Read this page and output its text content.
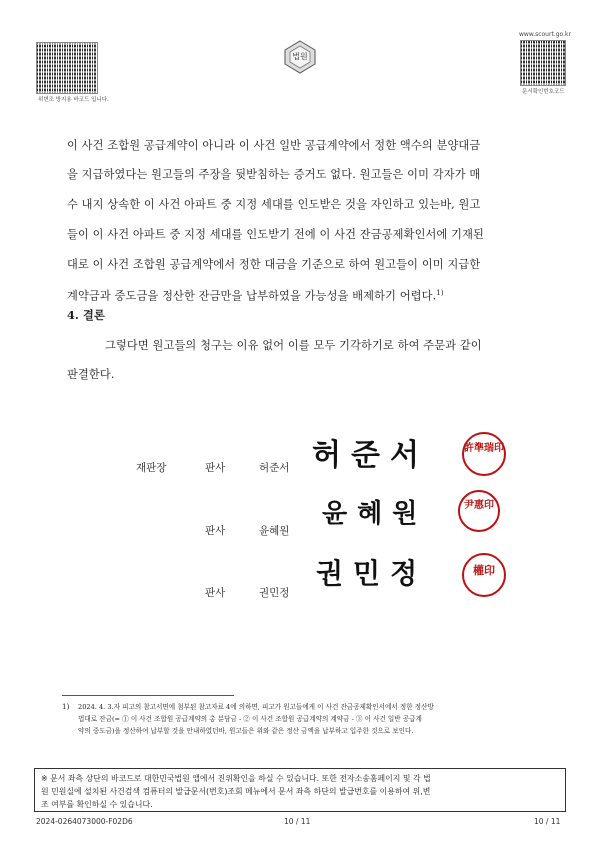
위변조 방지용 바코드 입니다.
법원
www.scourt.go.kr
문서확인번호코드
이 사건 조합원 공급계약이 아니라 이 사건 일반 공급계약에서 정한 액수의 분양대금
을 지급하였다는 원고들의 주장을 뒷받침하는 증거도 없다. 원고들은 이미 각자가 매
수 내지 상속한 이 사건 아파트 중 지정 세대를 인도받은 것을 자인하고 있는바, 원고
들이 이 사건 아파트 중 지정 세대를 인도받기 전에 이 사건 잔금공제확인서에 기재된
대로 이 사건 조합원 공급계약에서 정한 대금을 기준으로 하여 원고들이 이미 지급한
계약금과 중도금을 정산한 잔금만을 납부하였을 가능성을 배제하기 어렵다.$^{1)}$
4. 결론
그렇다면 원고들의 청구는 이유 없어 이를 모두 기각하기로 하여 주문과 같이
판결한다.
재판장	판사	허준서 허준서	許準瑞印
판사	윤혜원
윤혜원	尹惠印
판사	권민정
권민정	權印
1) 2024. 4. 3.자 피고의 참고서면에 첨부된 참고자료 4에 의하면, 피고가 원고들에게 이 사건 잔금공제확인서에서 정한 정산방
법대로 잔금(= ① 이 사건 조합원 공급계약의 총 분담금 - ② 이 사건 조합원 공급계약의 계약금 - ③ 이 사건 일반 공급계
약의 중도금)을 정산하여 납부할 것을 안내하였던바, 원고들은 위와 같은 정산 금액을 납부하고 입주한 것으로 보인다.
※ 문서 좌측 상단의 바코드로 대한민국법원 앱에서 진위확인을 하실 수 있습니다. 또한 전자소송홈페이지 및 각 법
원 민원실에 설치된 사건검색 컴퓨터의 발급문서(번호)조회 메뉴에서 문서 좌측 하단의 발급번호를 이용하여 위,변
조 여부를 확인하실 수 있습니다.
2024-0264073000-F02D6	10 / 11	10 / 11
